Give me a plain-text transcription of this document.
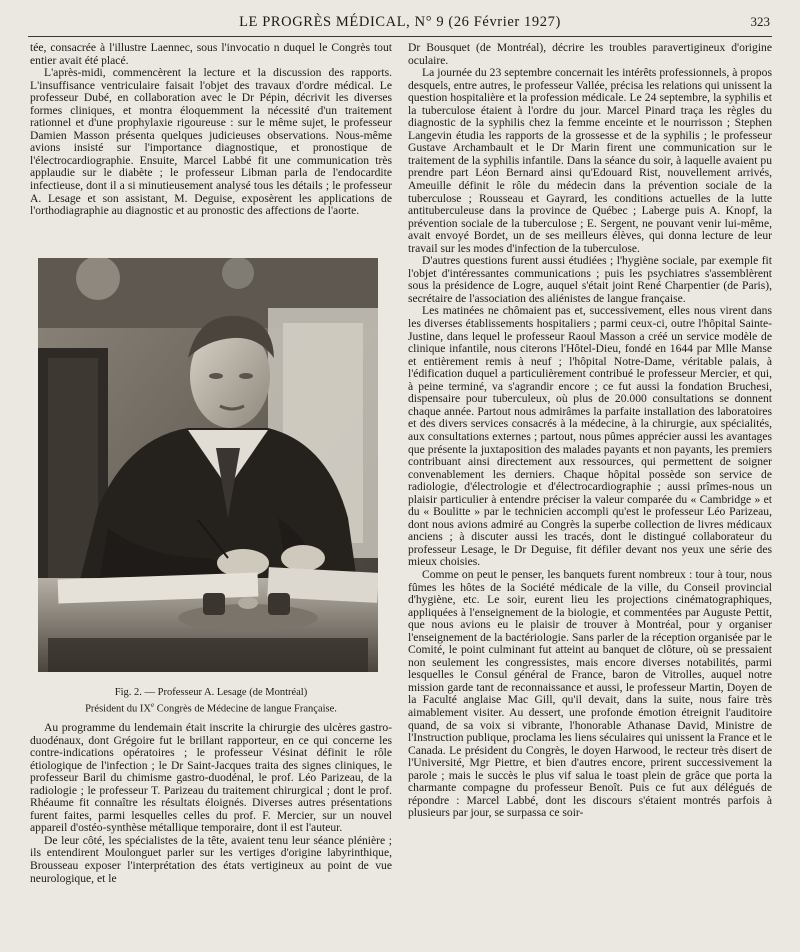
LE PROGRÈS MÉDICAL, N° 9 (26 Février 1927)	323

tée, consacrée à l'illustre Laennec, sous l'invocatio n duquel le Congrès tout entier avait été placé.

L'après-midi, commencèrent la lecture et la discussion des rapports. L'insuffisance ventriculaire faisait l'objet des travaux d'ordre médical. Le professeur Dubé, en collaboration avec le Dr Pépin, décrivit les diverses formes cliniques, et montra éloquemment la nécessité d'un traitement rationnel et d'une prophylaxie rigoureuse : sur le même sujet, le professeur Damien Masson présenta quelques judicieuses observations. Nous-même avions insisté sur l'importance diagnostique, et pronostique de l'électrocardiographie. Ensuite, Marcel Labbé fit une communication très applaudie sur le diabète ; le professeur Libman parla de l'endocardite infectieuse, dont il a si minutieusement analysé tous les détails ; le professeur A. Lesage et son assistant, M. Deguise, exposèrent les applications de l'orthodiagraphie au diagnostic et au pronostic des affections de l'aorte.

Fig. 2. — Professeur A. Lesage (de Montréal)
Président du IXe Congrès de Médecine de langue Française.

Au programme du lendemain était inscrite la chirurgie des ulcères gastro-duodénaux, dont Grégoire fut le brillant rapporteur, en ce qui concerne les contre-indications opératoires ; le professeur Vésinat définit le rôle étiologique de l'infection ; le Dr Saint-Jacques traita des signes cliniques, le professeur Baril du chimisme gastro-duodénal, le prof. Léo Parizeau, de la radiologie ; le professeur T. Parizeau du traitement chirurgical ; dont le prof. Rhéaume fit connaître les résultats éloignés. Diverses autres présentations furent faites, parmi lesquelles celles du prof. F. Mercier, sur un nouvel appareil d'ostéo-synthèse métallique temporaire, dont il est l'auteur.

De leur côté, les spécialistes de la tête, avaient tenu leur séance plénière ; ils entendirent Moulonguet parler sur les vertiges d'origine labyrinthique, Brousseau exposer l'interprétation des états vertigineux au point de vue neurologique, et le

Dr Bousquet (de Montréal), décrire les troubles paravertigineux d'origine oculaire.

La journée du 23 septembre concernait les intérêts professionnels, à propos desquels, entre autres, le professeur Vallée, précisa les relations qui unissent la question hospitalière et la profession médicale. Le 24 septembre, la syphilis et la tuberculose étaient à l'ordre du jour. Marcel Pinard traça les règles du diagnostic de la syphilis chez la femme enceinte et le nourrisson ; Stephen Langevin étudia les rapports de la grossesse et de la syphilis ; le professeur Gustave Archambault et le Dr Marin firent une communication sur le traitement de la syphilis infantile. Dans la séance du soir, à laquelle avaient pu prendre part Léon Bernard ainsi qu'Edouard Rist, nouvellement arrivés, Ameuille définit le rôle du médecin dans la prévention sociale de la tuberculose ; Rousseau et Gayrard, les conditions actuelles de la lutte antituberculeuse dans la province de Québec ; Laberge puis A. Knopf, la prévention sociale de la tuberculose ; E. Sergent, ne pouvant venir lui-même, avait envoyé Bordet, un de ses meilleurs élèves, qui donna lecture de leur travail sur les modes d'infection de la tuberculose.

D'autres questions furent aussi étudiées ; l'hygiène sociale, par exemple fit l'objet d'intéressantes communications ; puis les psychiatres s'assemblèrent sous la présidence de Logre, auquel s'était joint René Charpentier (de Paris), secrétaire de l'association des aliénistes de langue française.

Les matinées ne chômaient pas et, successivement, elles nous virent dans les diverses établissements hospitaliers ; parmi ceux-ci, outre l'hôpital Sainte-Justine, dans lequel le professeur Raoul Masson a créé un service modèle de clinique infantile, nous citerons l'Hôtel-Dieu, fondé en 1644 par Mlle Manse et entièrement remis à neuf ; l'hôpital Notre-Dame, véritable palais, à l'édification duquel a particulièrement contribué le professeur Mercier, et qui, à peine terminé, va s'agrandir encore ; ce fut aussi la fondation Bruchesi, dispensaire pour tuberculeux, où plus de 20.000 consultations se donnent chaque année. Partout nous admirâmes la parfaite installation des laboratoires et des divers services consacrés à la médecine, à la chirurgie, aux spécialités, aux consultations externes ; partout, nous pûmes apprécier aussi les avantages que présente la juxtaposition des malades payants et non payants, les premiers contribuant ainsi directement aux ressources, qui permettent de soigner convenablement les derniers. Chaque hôpital possède son service de radiologie, d'électrologie et d'électrocardiographie ; aussi prîmes-nous un plaisir particulier à entendre préciser la valeur comparée du « Cambridge » et du « Boulitte » par le technicien accompli qu'est le professeur Léo Parizeau, dont nous avions admiré au Congrès la superbe collection de livres médicaux anciens ; à discuter aussi les tracés, dont le distingué collaborateur du professeur Lesage, le Dr Deguise, fit défiler devant nos yeux une série des mieux choisies.

Comme on peut le penser, les banquets furent nombreux : tour à tour, nous fûmes les hôtes de la Société médicale de la ville, du Conseil provincial d'hygiène, etc. Le soir, eurent lieu les projections cinématographiques, appliquées à l'enseignement de la biologie, et commentées par Auguste Pettit, que nous avions eu le plaisir de trouver à Montréal, pour y organiser l'enseignement de la bactériologie. Sans parler de la réception organisée par le Comité, le point culminant fut atteint au banquet de clôture, où se pressaient non seulement les congressistes, mais encore diverses notabilités, parmi lesquelles le Consul général de France, baron de Vitrolles, auquel notre mission garde tant de reconnaissance et aussi, le professeur Martin, Doyen de la Faculté anglaise Mac Gill, qu'il devait, dans la suite, nous faire très aimablement visiter. Au dessert, une profonde émotion étreignit l'auditoire quand, de sa voix si vibrante, l'honorable Athanase David, Ministre de l'Instruction publique, proclama les liens séculaires qui unissent la France et le Canada. Le président du Congrès, le doyen Harwood, le recteur très disert de l'Université, Mgr Piettre, et bien d'autres encore, prirent successivement la parole ; mais le succès le plus vif salua le toast plein de grâce que porta la charmante compagne du professeur Benoît. Puis ce fut aux délégués de répondre : Marcel Labbé, dont les discours s'étaient montrés parfois à plusieurs par jour, se surpassa ce soir-
